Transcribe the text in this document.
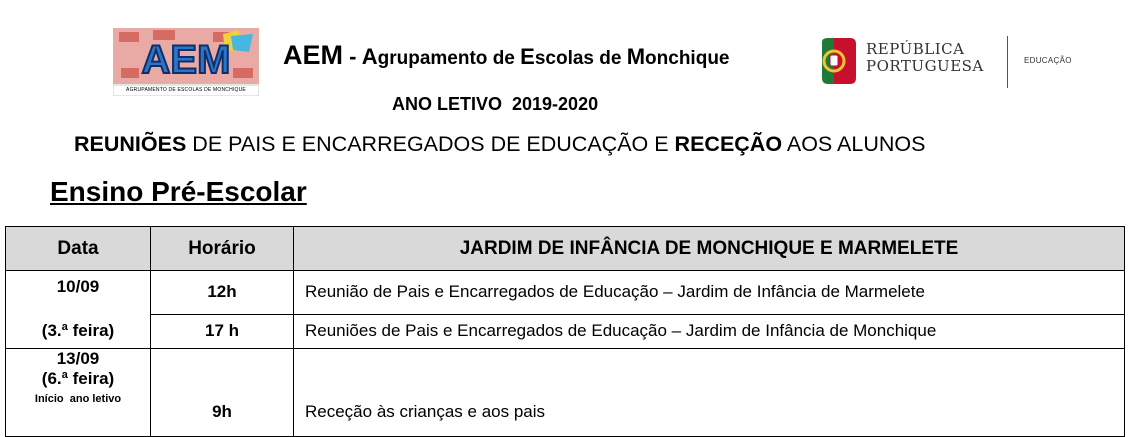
AEM
AGRUPAMENTO DE ESCOLAS DE MONCHIQUE
AEM - Agrupamento de Escolas de Monchique	REPÚBLICA
PORTUGUESA	EDUCAÇÃO
ANO LETIVO  2019-2020
REUNIÕES DE PAIS E ENCARREGADOS DE EDUCAÇÃO E RECEÇÃO AOS ALUNOS
Ensino Pré-Escolar
Data	Horário	JARDIM DE INFÂNCIA DE MONCHIQUE E MARMELETE
10/09	12h	Reunião de Pais e Encarregados de Educação – Jardim de Infância de Marmelete
(3.ª feira)	17 h	Reuniões de Pais e Encarregados de Educação – Jardim de Infância de Monchique

13/09
(6.ª feira)
Início  ano letivo	9h	Receção às crianças e aos pais
